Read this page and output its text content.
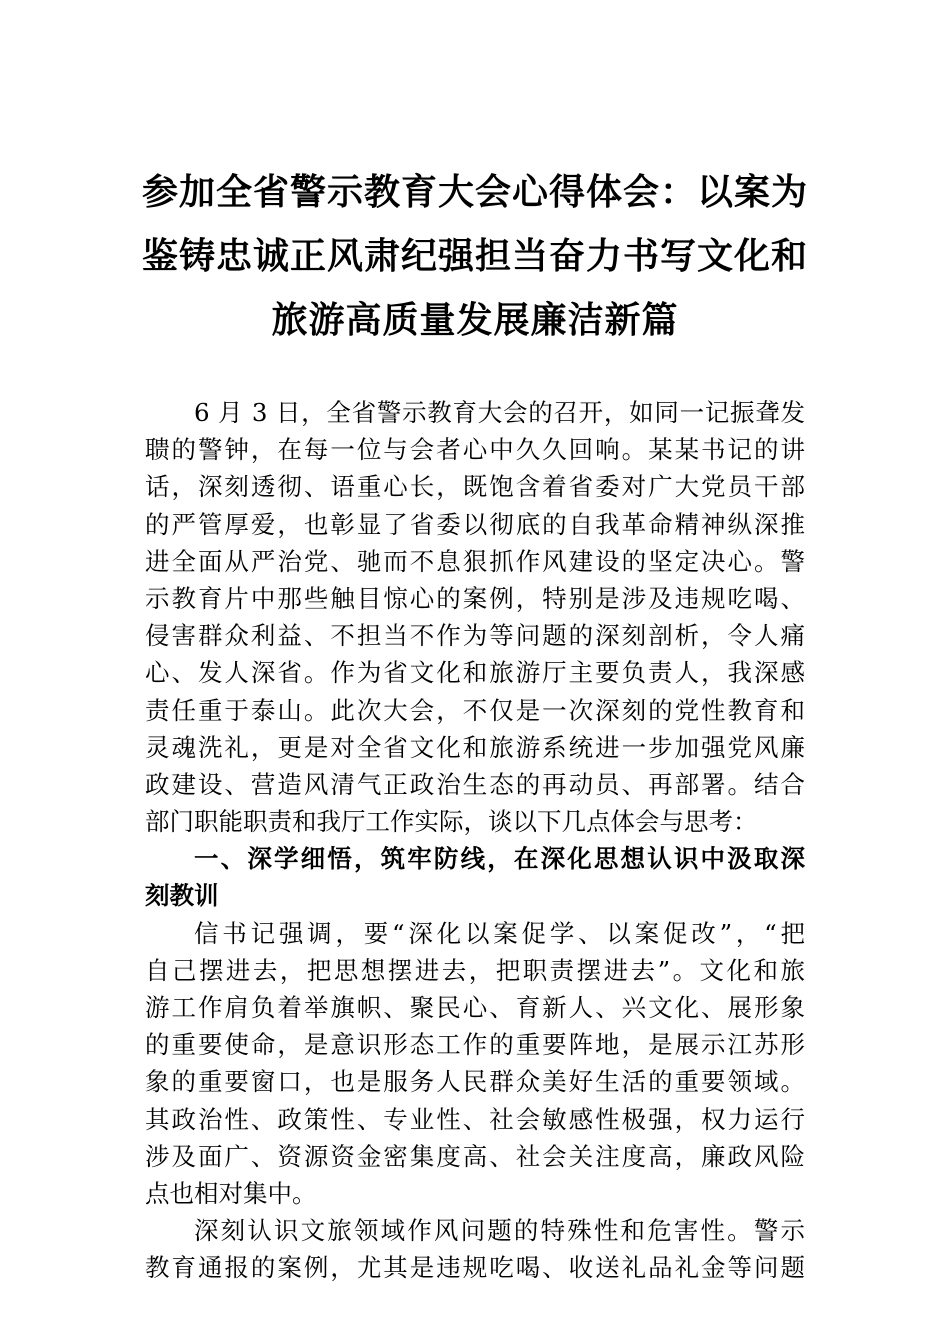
参加全省警示教育大会心得体会：以案为
鉴铸忠诚正风肃纪强担当奋力书写文化和
旅游高质量发展廉洁新篇
6 月 3 日，全省警示教育大会的召开，如同一记振聋发
聩的警钟，在每一位与会者心中久久回响。某某书记的讲
话，深刻透彻、语重心长，既饱含着省委对广大党员干部
的严管厚爱，也彰显了省委以彻底的自我革命精神纵深推
进全面从严治党、驰而不息狠抓作风建设的坚定决心。警
示教育片中那些触目惊心的案例，特别是涉及违规吃喝、
侵害群众利益、不担当不作为等问题的深刻剖析，令人痛
心、发人深省。作为省文化和旅游厅主要负责人，我深感
责任重于泰山。此次大会，不仅是一次深刻的党性教育和
灵魂洗礼，更是对全省文化和旅游系统进一步加强党风廉
政建设、营造风清气正政治生态的再动员、再部署。结合
部门职能职责和我厅工作实际，谈以下几点体会与思考：
一、深学细悟，筑牢防线，在深化思想认识中汲取深
刻教训
信书记强调，要“深化以案促学、以案促改”，“把
自己摆进去，把思想摆进去，把职责摆进去”。文化和旅
游工作肩负着举旗帜、聚民心、育新人、兴文化、展形象
的重要使命，是意识形态工作的重要阵地，是展示江苏形
象的重要窗口，也是服务人民群众美好生活的重要领域。
其政治性、政策性、专业性、社会敏感性极强，权力运行
涉及面广、资源资金密集度高、社会关注度高，廉政风险
点也相对集中。
深刻认识文旅领域作风问题的特殊性和危害性。警示
教育通报的案例，尤其是违规吃喝、收送礼品礼金等问题
